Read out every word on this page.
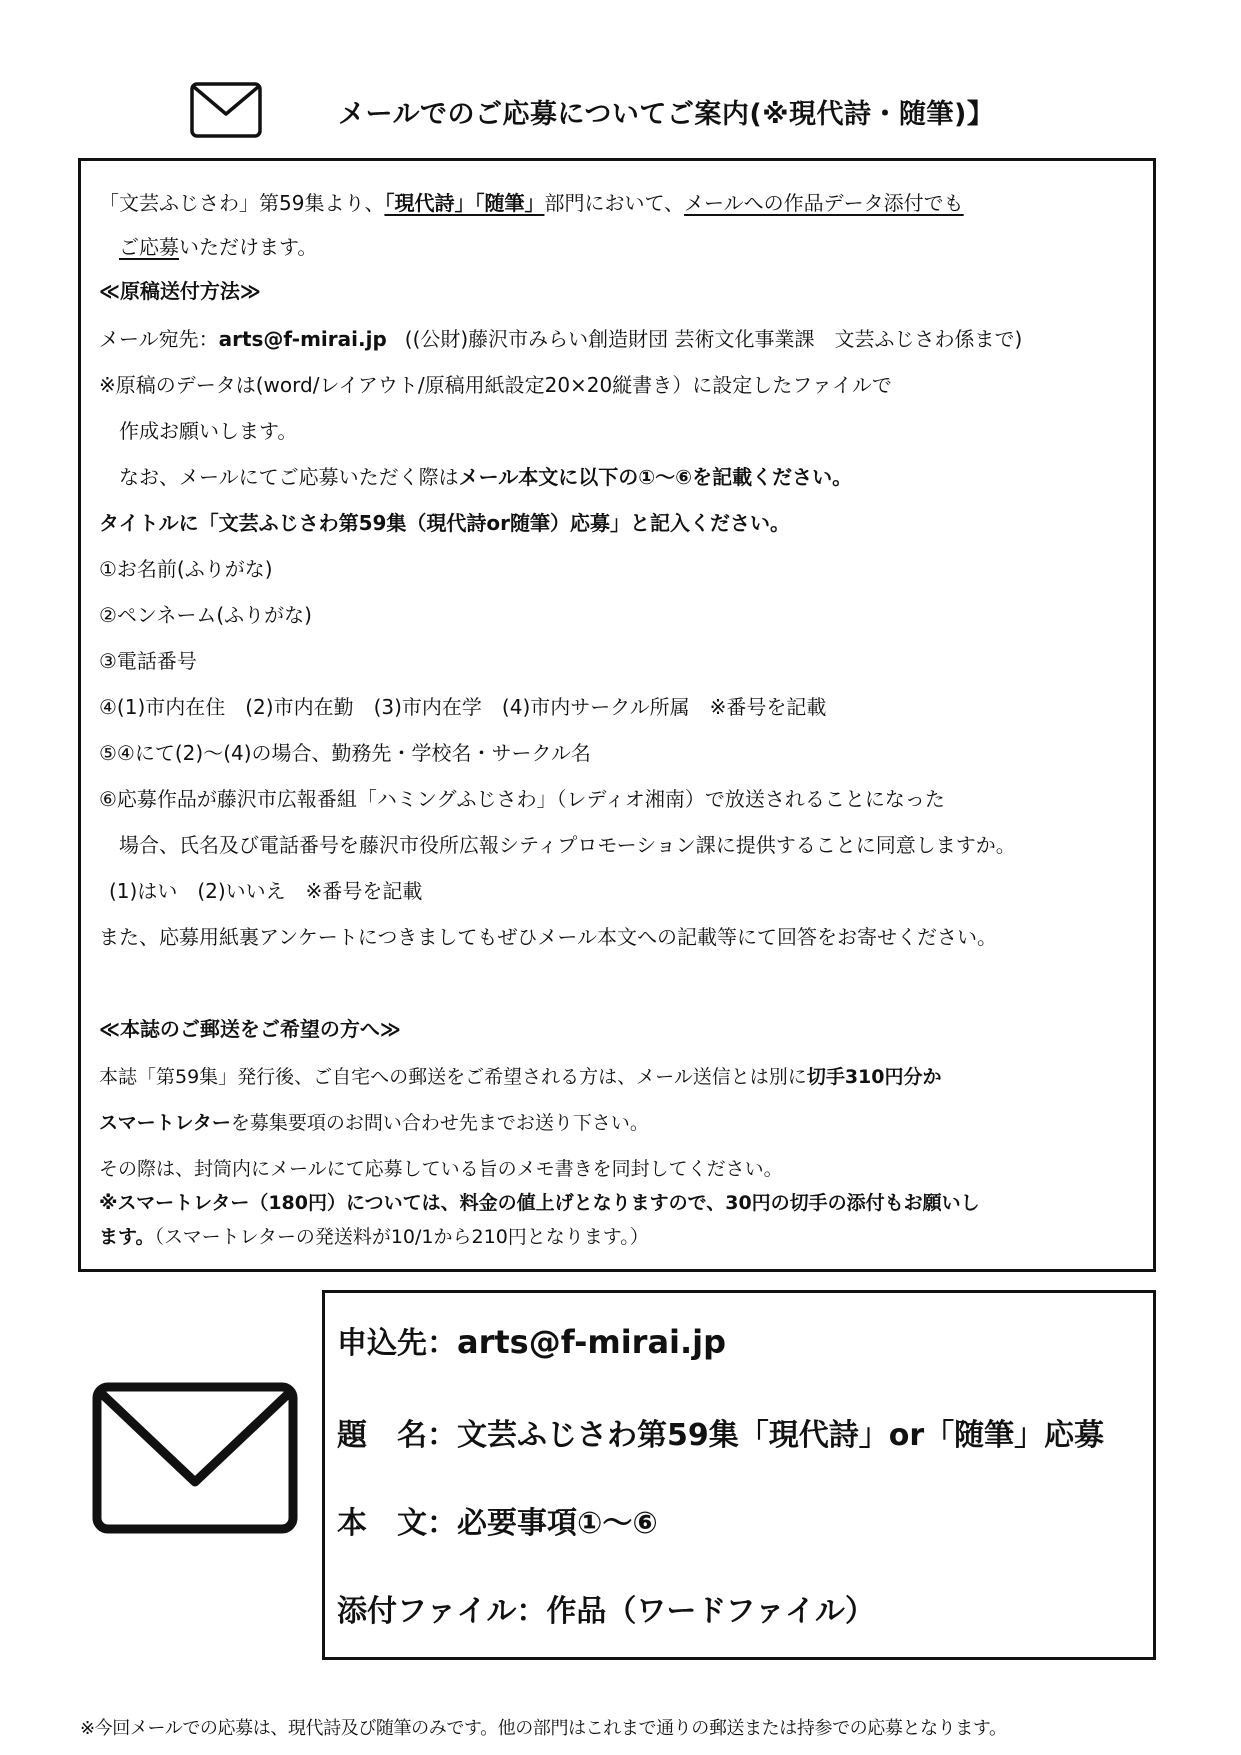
メールでのご応募についてご案内(※現代詩・随筆)】
「文芸ふじさわ」第59集より、「現代詩」「随筆」部門において、メールへの作品データ添付でも
ご応募いただけます。
≪原稿送付方法≫
メール宛先：arts@f-mirai.jp ((公財)藤沢市みらい創造財団 芸術文化事業課　文芸ふじさわ係まで)
※原稿のデータは(word/レイアウト/原稿用紙設定20×20縦書き）に設定したファイルで
作成お願いします。
なお、メールにてご応募いただく際はメール本文に以下の①～⑥を記載ください。
タイトルに「文芸ふじさわ第59集（現代詩or随筆）応募」と記入ください。
①お名前(ふりがな)
②ペンネーム(ふりがな)
③電話番号
④(1)市内在住　(2)市内在勤　(3)市内在学　(4)市内サークル所属　※番号を記載
⑤④にて(2)～(4)の場合、勤務先・学校名・サークル名
⑥応募作品が藤沢市広報番組「ハミングふじさわ」（レディオ湘南）で放送されることになった
場合、氏名及び電話番号を藤沢市役所広報シティプロモーション課に提供することに同意しますか。
(1)はい　(2)いいえ　※番号を記載
また、応募用紙裏アンケートにつきましてもぜひメール本文への記載等にて回答をお寄せください。
≪本誌のご郵送をご希望の方へ≫
本誌「第59集」発行後、ご自宅への郵送をご希望される方は、メール送信とは別に切手310円分か
スマートレターを募集要項のお問い合わせ先までお送り下さい。
その際は、封筒内にメールにて応募している旨のメモ書きを同封してください。
※スマートレター（180円）については、料金の値上げとなりますので、30円の切手の添付もお願いし
ます。（スマートレターの発送料が10/1から210円となります。）
申込先：arts@f-mirai.jp
題　名：文芸ふじさわ第59集「現代詩」or「随筆」応募
本　文：必要事項①～⑥
添付ファイル：作品（ワードファイル）
※今回メールでの応募は、現代詩及び随筆のみです。他の部門はこれまで通りの郵送または持参での応募となります。
